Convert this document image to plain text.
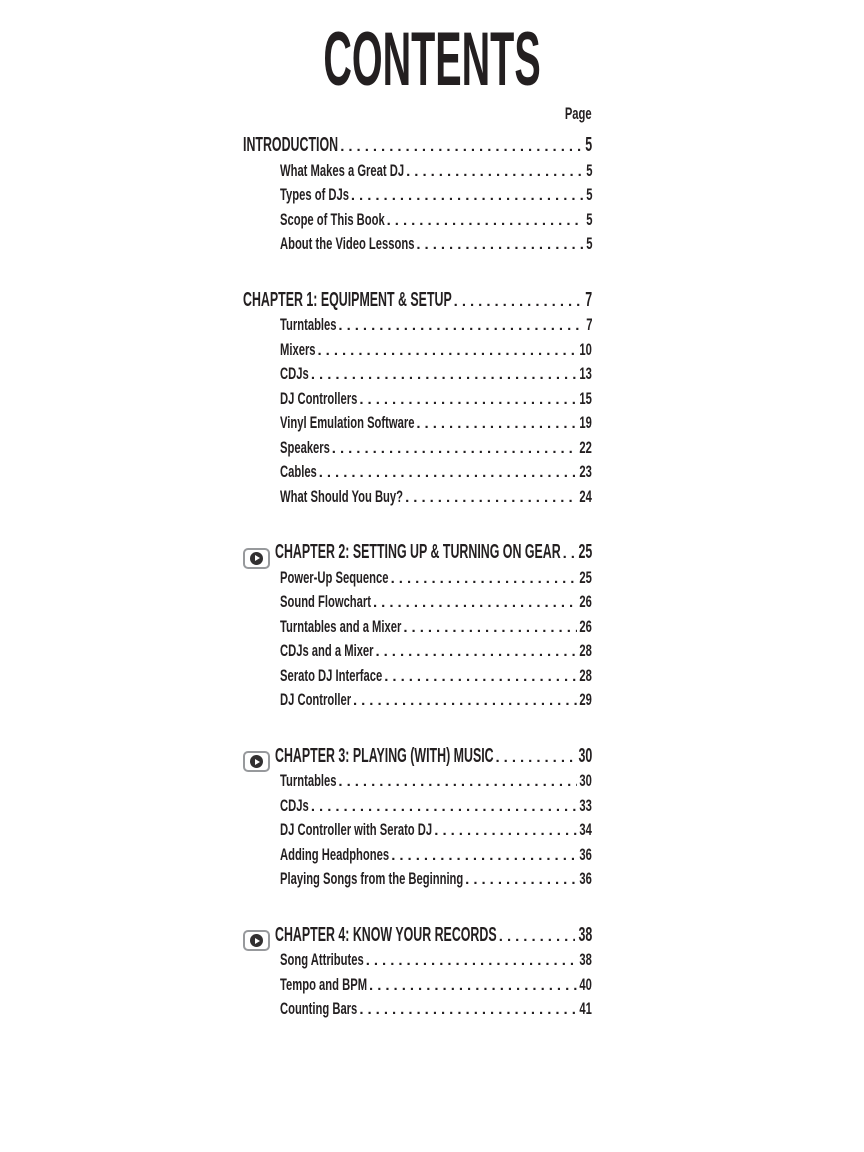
CONTENTS
Page
INTRODUCTION .....	5
What Makes a Great DJ .....	5
Types of DJs .....	5
Scope of This Book .....	5
About the Video Lessons .....	5
CHAPTER 1: EQUIPMENT & SETUP .....	7
Turntables .....	7
Mixers .....	10
CDJs .....	13
DJ Controllers .....	15
Vinyl Emulation Software .....	19
Speakers .....	22
Cables .....	23
What Should You Buy? .....	24
CHAPTER 2: SETTING UP & TURNING ON GEAR ..... 25
Power-Up Sequence .....	25
Sound Flowchart .....	26
Turntables and a Mixer .....	26
CDJs and a Mixer .....	28
Serato DJ Interface .....	28
DJ Controller .....	29
CHAPTER 3: PLAYING (WITH) MUSIC .....	30
Turntables .....	30
CDJs .....	33
DJ Controller with Serato DJ .....	34
Adding Headphones .....	36
Playing Songs from the Beginning .....	36
CHAPTER 4: KNOW YOUR RECORDS .....	38
Song Attributes .....	38
Tempo and BPM .....	40
Counting Bars .....	41
